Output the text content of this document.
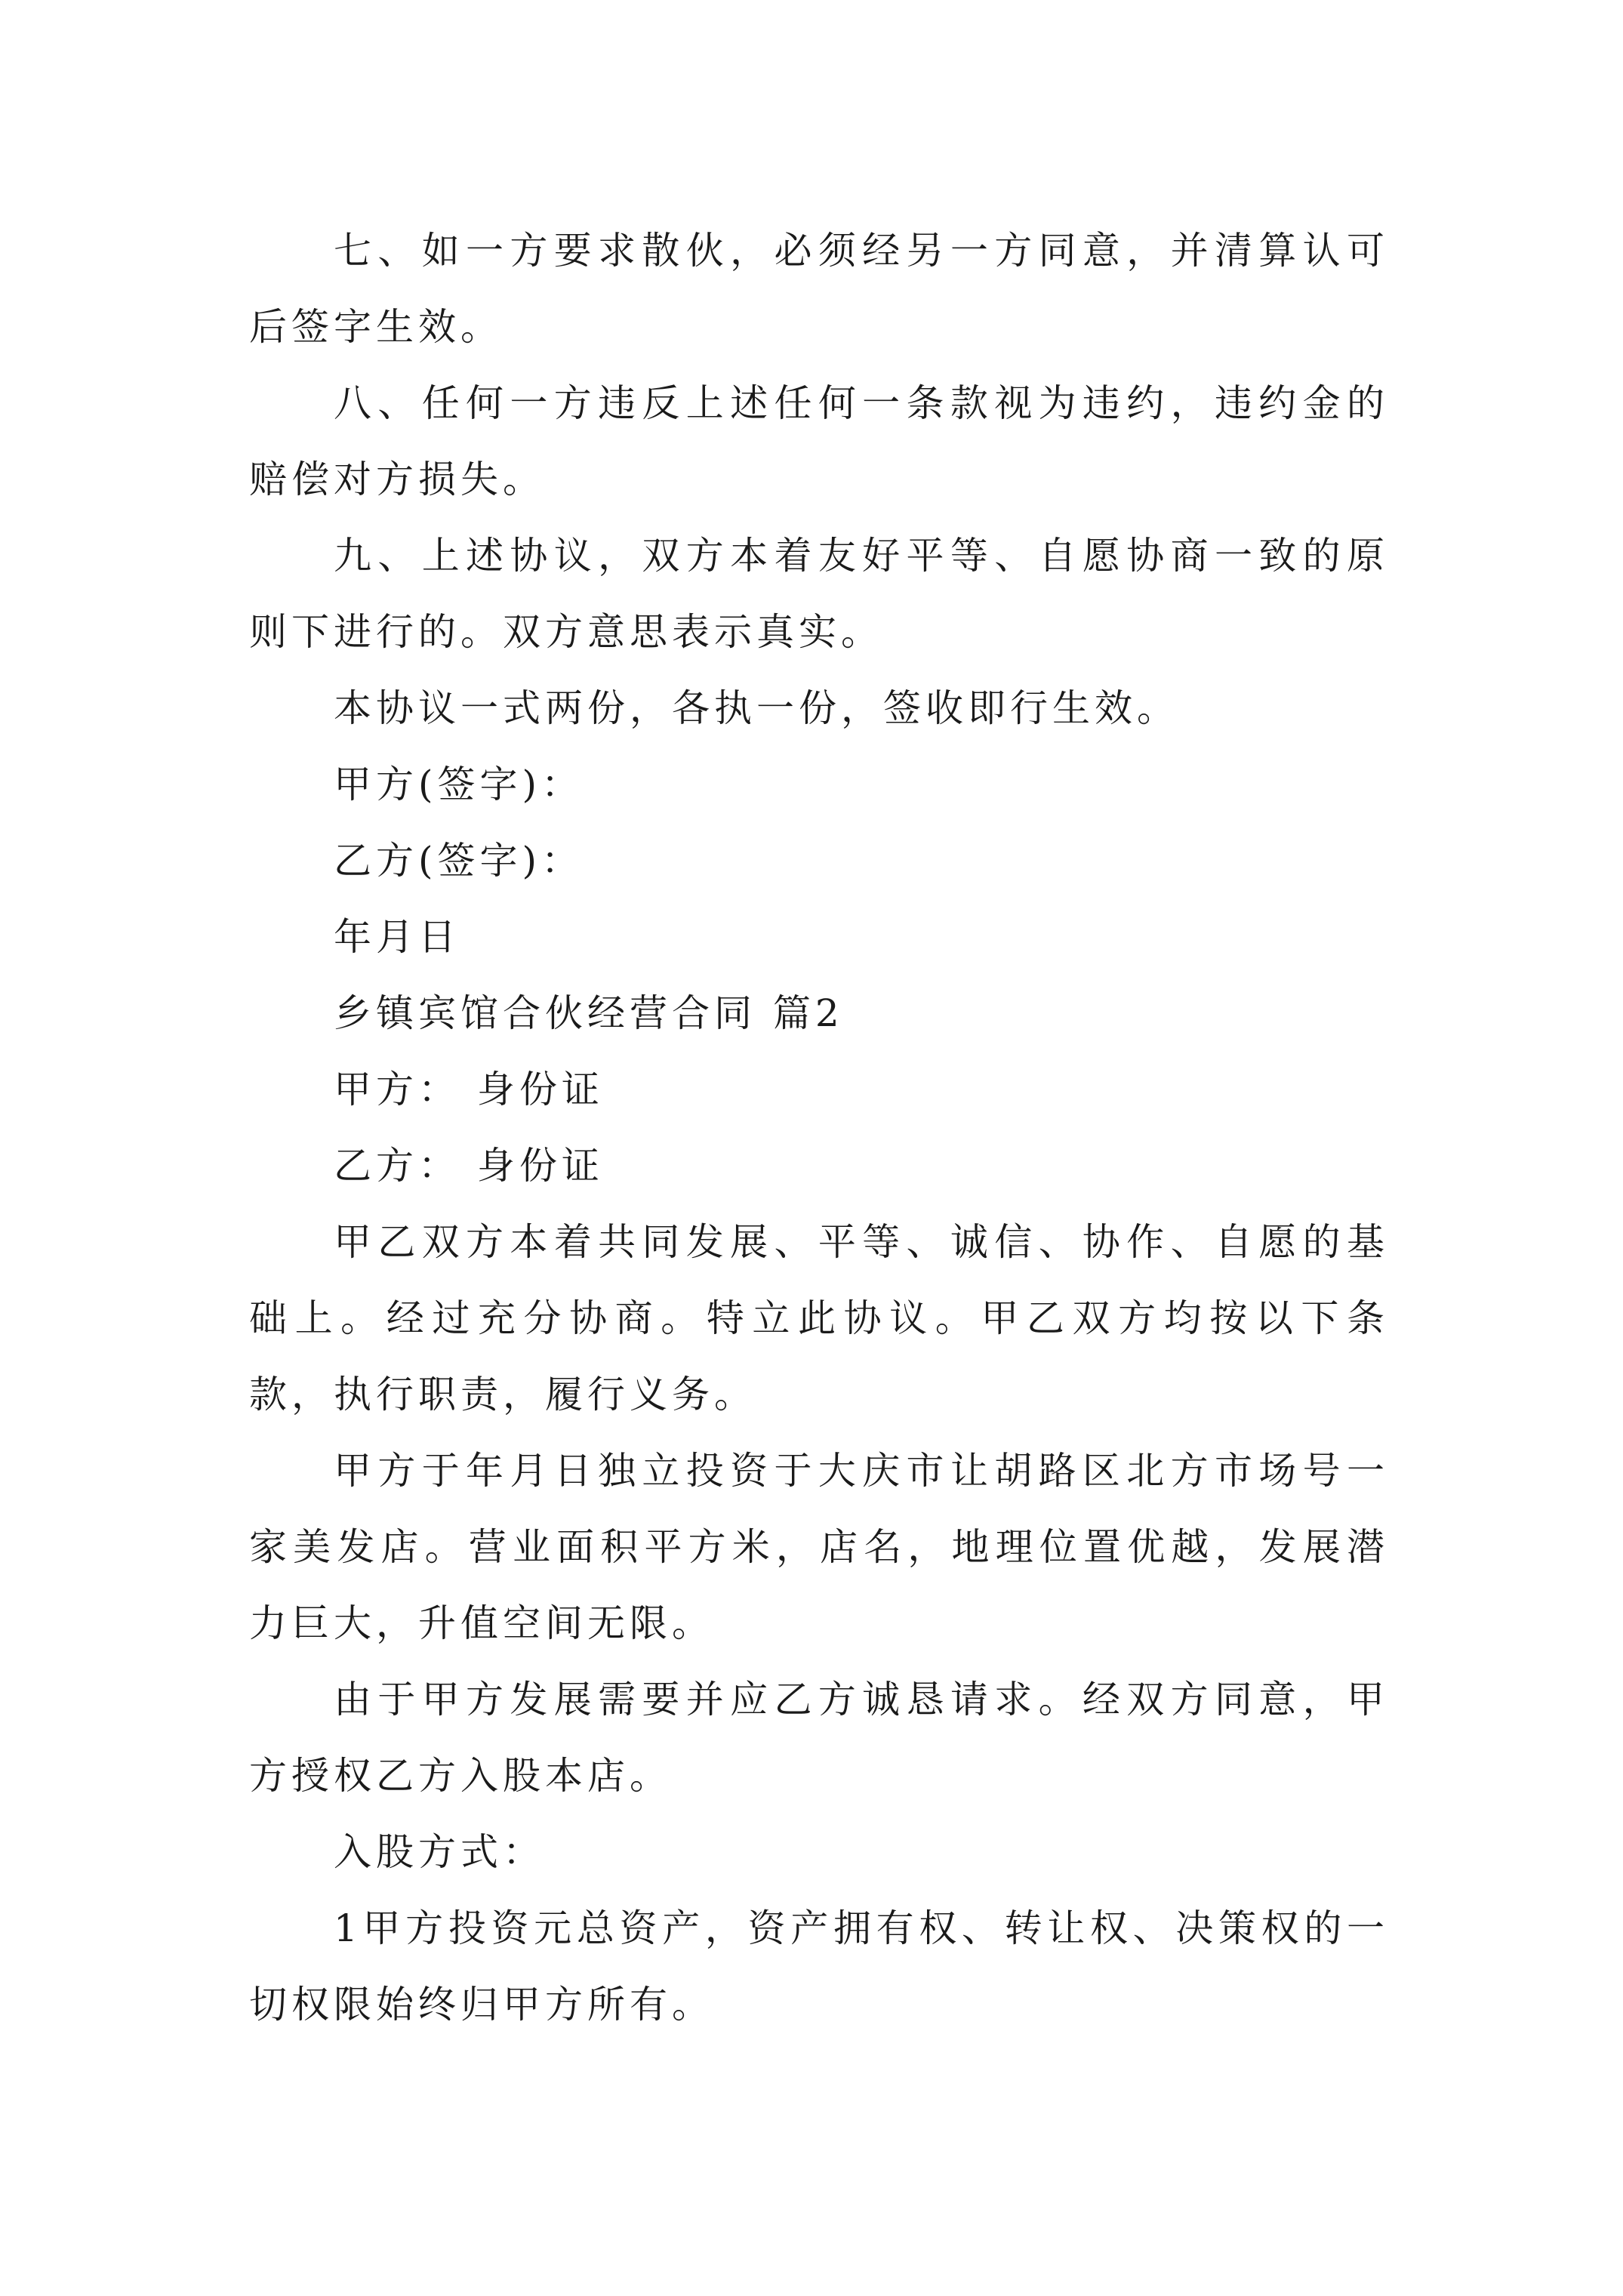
七、如一方要求散伙，必须经另一方同意，并清算认可后签字生效。

八、任何一方违反上述任何一条款视为违约，违约金的赔偿对方损失。

九、上述协议，双方本着友好平等、自愿协商一致的原则下进行的。双方意思表示真实。

本协议一式两份，各执一份，签收即行生效。

甲方(签字)：

乙方(签字)：

年月日

乡镇宾馆合伙经营合同 篇2

甲方： 身份证

乙方： 身份证

甲乙双方本着共同发展、平等、诚信、协作、自愿的基础上。经过充分协商。特立此协议。甲乙双方均按以下条款，执行职责，履行义务。

甲方于年月日独立投资于大庆市让胡路区北方市场号一家美发店。营业面积平方米，店名，地理位置优越，发展潜力巨大，升值空间无限。

由于甲方发展需要并应乙方诚恳请求。经双方同意，甲方授权乙方入股本店。

入股方式：

1甲方投资元总资产，资产拥有权、转让权、决策权的一切权限始终归甲方所有。
